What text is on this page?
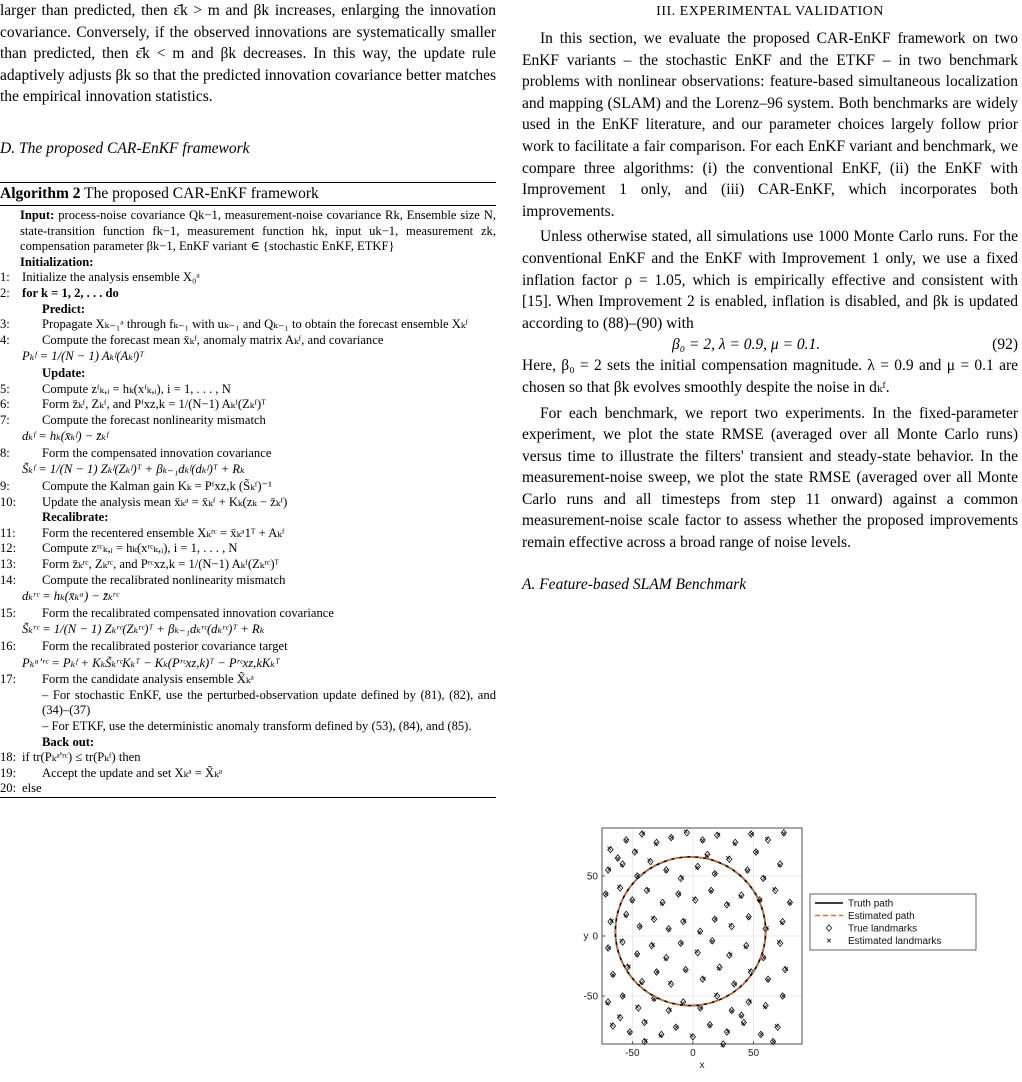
larger than predicted, then ε̄k > m and βk increases, enlarging the innovation covariance. Conversely, if the observed innovations are systematically smaller than predicted, then ε̄k < m and βk decreases. In this way, the update rule adaptively adjusts βk so that the predicted innovation covariance better matches the empirical innovation statistics.

D. The proposed CAR-EnKF framework

Algorithm 2 The proposed CAR-EnKF framework
Input: process-noise covariance Qk−1, measurement-noise covariance Rk, Ensemble size N, state-transition function fk−1, measurement function hk, input uk−1, measurement zk, compensation parameter βk−1, EnKF variant ∈ {stochastic EnKF, ETKF}
Initialization:
1: Initialize the analysis ensemble X₀ᵃ
2: for k = 1, 2, . . . do
Predict:
3:	Propagate Xₖ₋₁ᵃ through fₖ₋₁ with uₖ₋₁ and Qₖ₋₁ to obtain the forecast ensemble Xₖᶠ
4:	Compute the forecast mean x̄ₖᶠ, anomaly matrix Aₖᶠ, and covariance
Pₖᶠ = 1/(N − 1) Aₖᶠ(Aₖᶠ)ᵀ
Update:
5:	Compute zᶠₖ,ᵢ = hₖ(xᶠₖ,ᵢ), i = 1, . . . , N
6:	Form z̄ₖᶠ, Zₖᶠ, and Pᶠxz,k = 1/(N−1) Aₖᶠ(Zₖᶠ)ᵀ
7:	Compute the forecast nonlinearity mismatch
dₖᶠ = hₖ(x̄ₖᶠ) − z̄ₖᶠ
8:	Form the compensated innovation covariance
S̃ₖᶠ = 1/(N − 1) Zₖᶠ(Zₖᶠ)ᵀ + βₖ₋₁dₖᶠ(dₖᶠ)ᵀ + Rₖ
9:	Compute the Kalman gain Kₖ = Pᶠxz,k (S̃ₖᶠ)⁻¹
10:	Update the analysis mean x̄ₖᵃ = x̄ₖᶠ + Kₖ(zₖ − z̄ₖᶠ)
Recalibrate:
11:	Form the recentered ensemble Xₖʳᶜ = x̄ₖᵃ1ᵀ + Aₖᶠ
12:	Compute zʳᶜₖ,ᵢ = hₖ(xʳᶜₖ,ᵢ), i = 1, . . . , N
13:	Form z̄ₖʳᶜ, Zₖʳᶜ, and Pʳᶜxz,k = 1/(N−1) Aₖᶠ(Zₖʳᶜ)ᵀ
14:	Compute the recalibrated nonlinearity mismatch
dₖʳᶜ = hₖ(x̄ₖᵃ) − z̄ₖʳᶜ
15:	Form the recalibrated compensated innovation covariance
S̃ₖʳᶜ = 1/(N − 1) Zₖʳᶜ(Zₖʳᶜ)ᵀ + βₖ₋₁dₖʳᶜ(dₖʳᶜ)ᵀ + Rₖ
16:	Form the recalibrated posterior covariance target
Pₖᵃ'ʳᶜ = Pₖᶠ + KₖS̃ₖʳᶜKₖᵀ − Kₖ(Pʳᶜxz,k)ᵀ − Pʳᶜxz,kKₖᵀ
17:	Form the candidate analysis ensemble X̃ₖᵃ
– For stochastic EnKF, use the perturbed-observation update defined by (81), (82), and (34)–(37)
– For ETKF, use the deterministic anomaly transform defined by (53), (84), and (85).
Back out:
18: if tr(Pₖᵃ'ʳᶜ) ≤ tr(Pₖᶠ) then
19:	Accept the update and set Xₖᵃ = X̃ₖᵃ
20: else
III. EXPERIMENTAL VALIDATION

In this section, we evaluate the proposed CAR-EnKF framework on two EnKF variants – the stochastic EnKF and the ETKF – in two benchmark problems with nonlinear observations: feature-based simultaneous localization and mapping (SLAM) and the Lorenz–96 system. Both benchmarks are widely used in the EnKF literature, and our parameter choices largely follow prior work to facilitate a fair comparison. For each EnKF variant and benchmark, we compare three algorithms: (i) the conventional EnKF, (ii) the EnKF with Improvement 1 only, and (iii) CAR-EnKF, which incorporates both improvements.

Unless otherwise stated, all simulations use 1000 Monte Carlo runs. For the conventional EnKF and the EnKF with Improvement 1 only, we use a fixed inflation factor ρ = 1.05, which is empirically effective and consistent with [15]. When Improvement 2 is enabled, inflation is disabled, and βk is updated according to (88)–(90) with

β₀ = 2, λ = 0.9, μ = 0.1.	(92)

Here, β₀ = 2 sets the initial compensation magnitude. λ = 0.9 and μ = 0.1 are chosen so that βk evolves smoothly despite the noise in dₖᶠ.

For each benchmark, we report two experiments. In the fixed-parameter experiment, we plot the state RMSE (averaged over all Monte Carlo runs) versus time to illustrate the filters' transient and steady-state behavior. In the measurement-noise sweep, we plot the state RMSE (averaged over all Monte Carlo runs and all timesteps from step 11 onward) against a common measurement-noise scale factor to assess whether the proposed improvements remain effective across a broad range of noise levels.

A. Feature-based SLAM Benchmark

-50	0	50
-50
0
50
x
y
Truth path
Estimated path
True landmarks
Estimated landmarks
